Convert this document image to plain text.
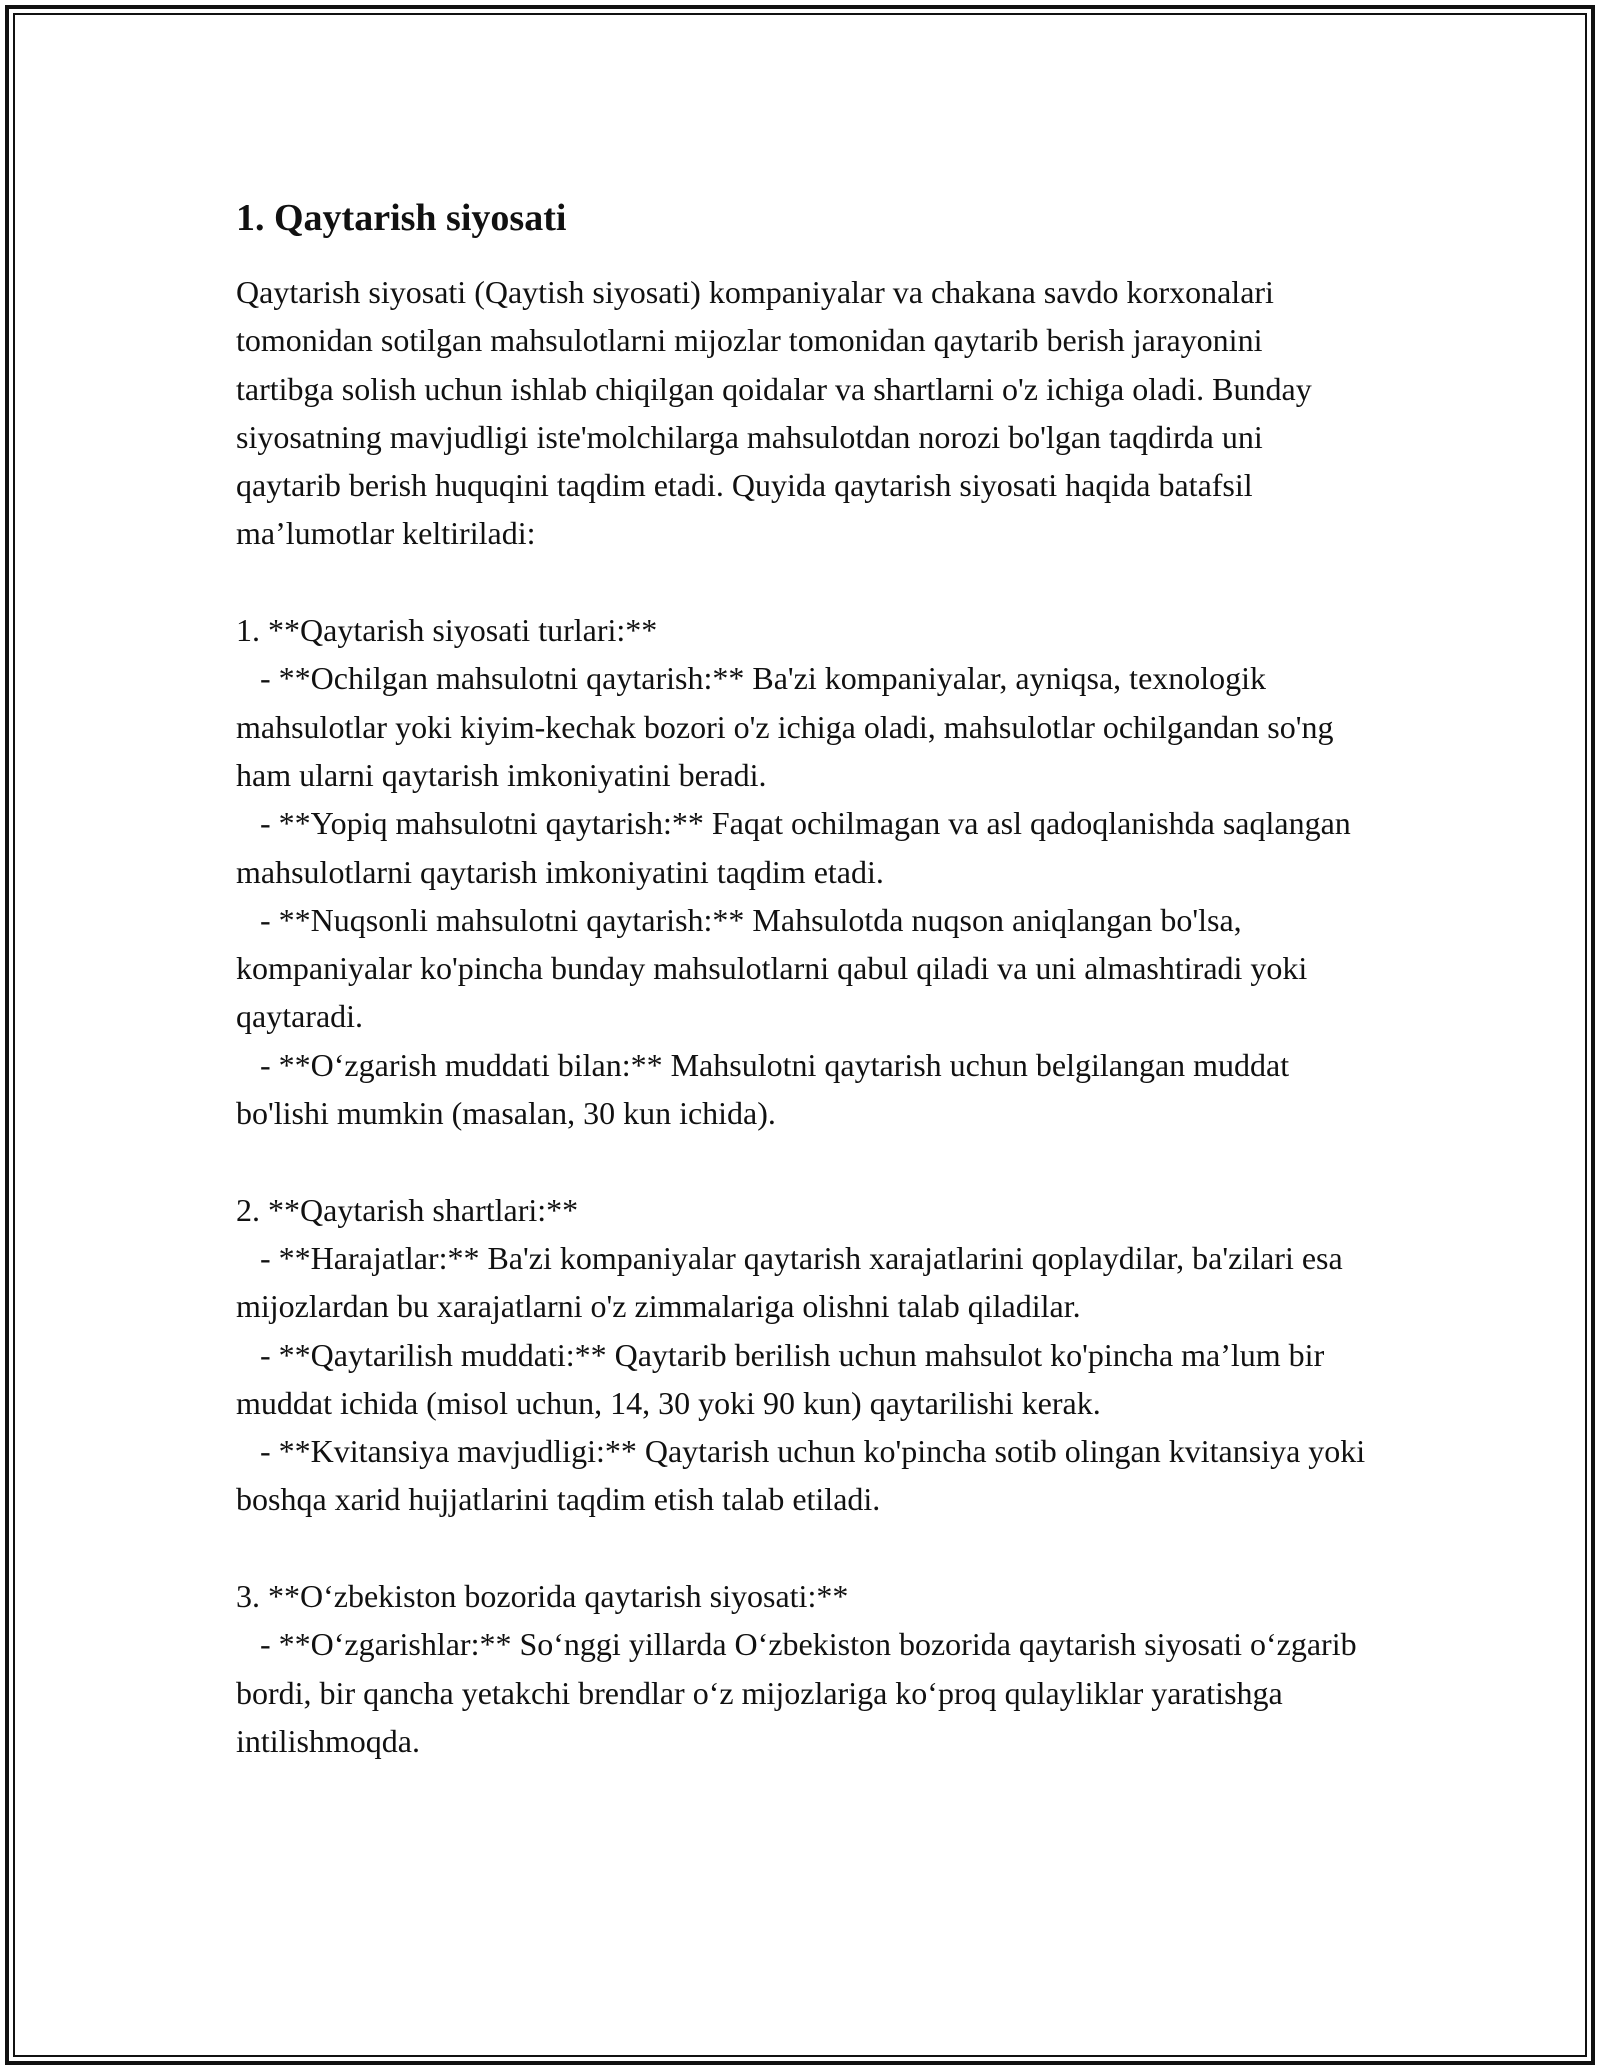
1. Qaytarish siyosati

Qaytarish siyosati (Qaytish siyosati) kompaniyalar va chakana savdo korxonalari tomonidan sotilgan mahsulotlarni mijozlar tomonidan qaytarib berish jarayonini tartibga solish uchun ishlab chiqilgan qoidalar va shartlarni o'z ichiga oladi. Bunday siyosatning mavjudligi iste'molchilarga mahsulotdan norozi bo'lgan taqdirda uni qaytarib berish huquqini taqdim etadi. Quyida qaytarish siyosati haqida batafsil ma’lumotlar keltiriladi:

1. **Qaytarish siyosati turlari:**

- **Ochilgan mahsulotni qaytarish:** Ba'zi kompaniyalar, ayniqsa, texnologik mahsulotlar yoki kiyim-kechak bozori o'z ichiga oladi, mahsulotlar ochilgandan so'ng ham ularni qaytarish imkoniyatini beradi.

- **Yopiq mahsulotni qaytarish:** Faqat ochilmagan va asl qadoqlanishda saqlangan mahsulotlarni qaytarish imkoniyatini taqdim etadi.

- **Nuqsonli mahsulotni qaytarish:** Mahsulotda nuqson aniqlangan bo'lsa, kompaniyalar ko'pincha bunday mahsulotlarni qabul qiladi va uni almashtiradi yoki qaytaradi.

- **O‘zgarish muddati bilan:** Mahsulotni qaytarish uchun belgilangan muddat bo'lishi mumkin (masalan, 30 kun ichida).

2. **Qaytarish shartlari:**

- **Harajatlar:** Ba'zi kompaniyalar qaytarish xarajatlarini qoplaydilar, ba'zilari esa mijozlardan bu xarajatlarni o'z zimmalariga olishni talab qiladilar.

- **Qaytarilish muddati:** Qaytarib berilish uchun mahsulot ko'pincha ma’lum bir muddat ichida (misol uchun, 14, 30 yoki 90 kun) qaytarilishi kerak.

- **Kvitansiya mavjudligi:** Qaytarish uchun ko'pincha sotib olingan kvitansiya yoki boshqa xarid hujjatlarini taqdim etish talab etiladi.

3. **O‘zbekiston bozorida qaytarish siyosati:**

- **O‘zgarishlar:** So‘nggi yillarda O‘zbekiston bozorida qaytarish siyosati o‘zgarib bordi, bir qancha yetakchi brendlar o‘z mijozlariga ko‘proq qulayliklar yaratishga intilishmoqda.
